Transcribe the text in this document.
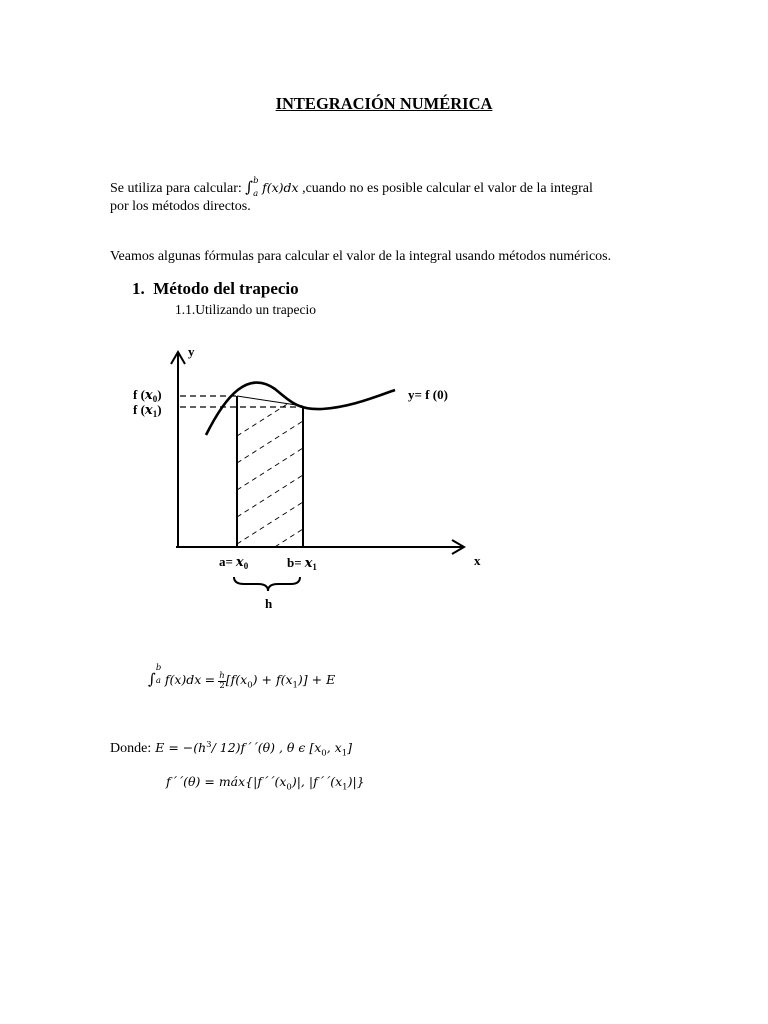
INTEGRACIÓN NUMÉRICA
Se utiliza para calcular: ∫ b
a f(x)dx ,cuando no es posible calcular el valor de la integral
por los métodos directos.
Veamos algunas fórmulas para calcular el valor de la integral usando métodos numéricos.
1. Método del trapecio
1.1.Utilizando un trapecio
y
x
f $(x_0)$
f $(x_1)$
y= f (0)
$a= x_0$	$b= x_1$
h
∫
b
a $f(x)dx = \frac{h}{2} [f(x_0) + f(x_1)] + E$
Donde: $E = -(h^3/$ 12)f´´(θ) , θ ϵ [$x_0$, $x_1$]
f´´(θ) = $máx\{|f´´(x_0)|$, $|f´´(x_1)|$}
